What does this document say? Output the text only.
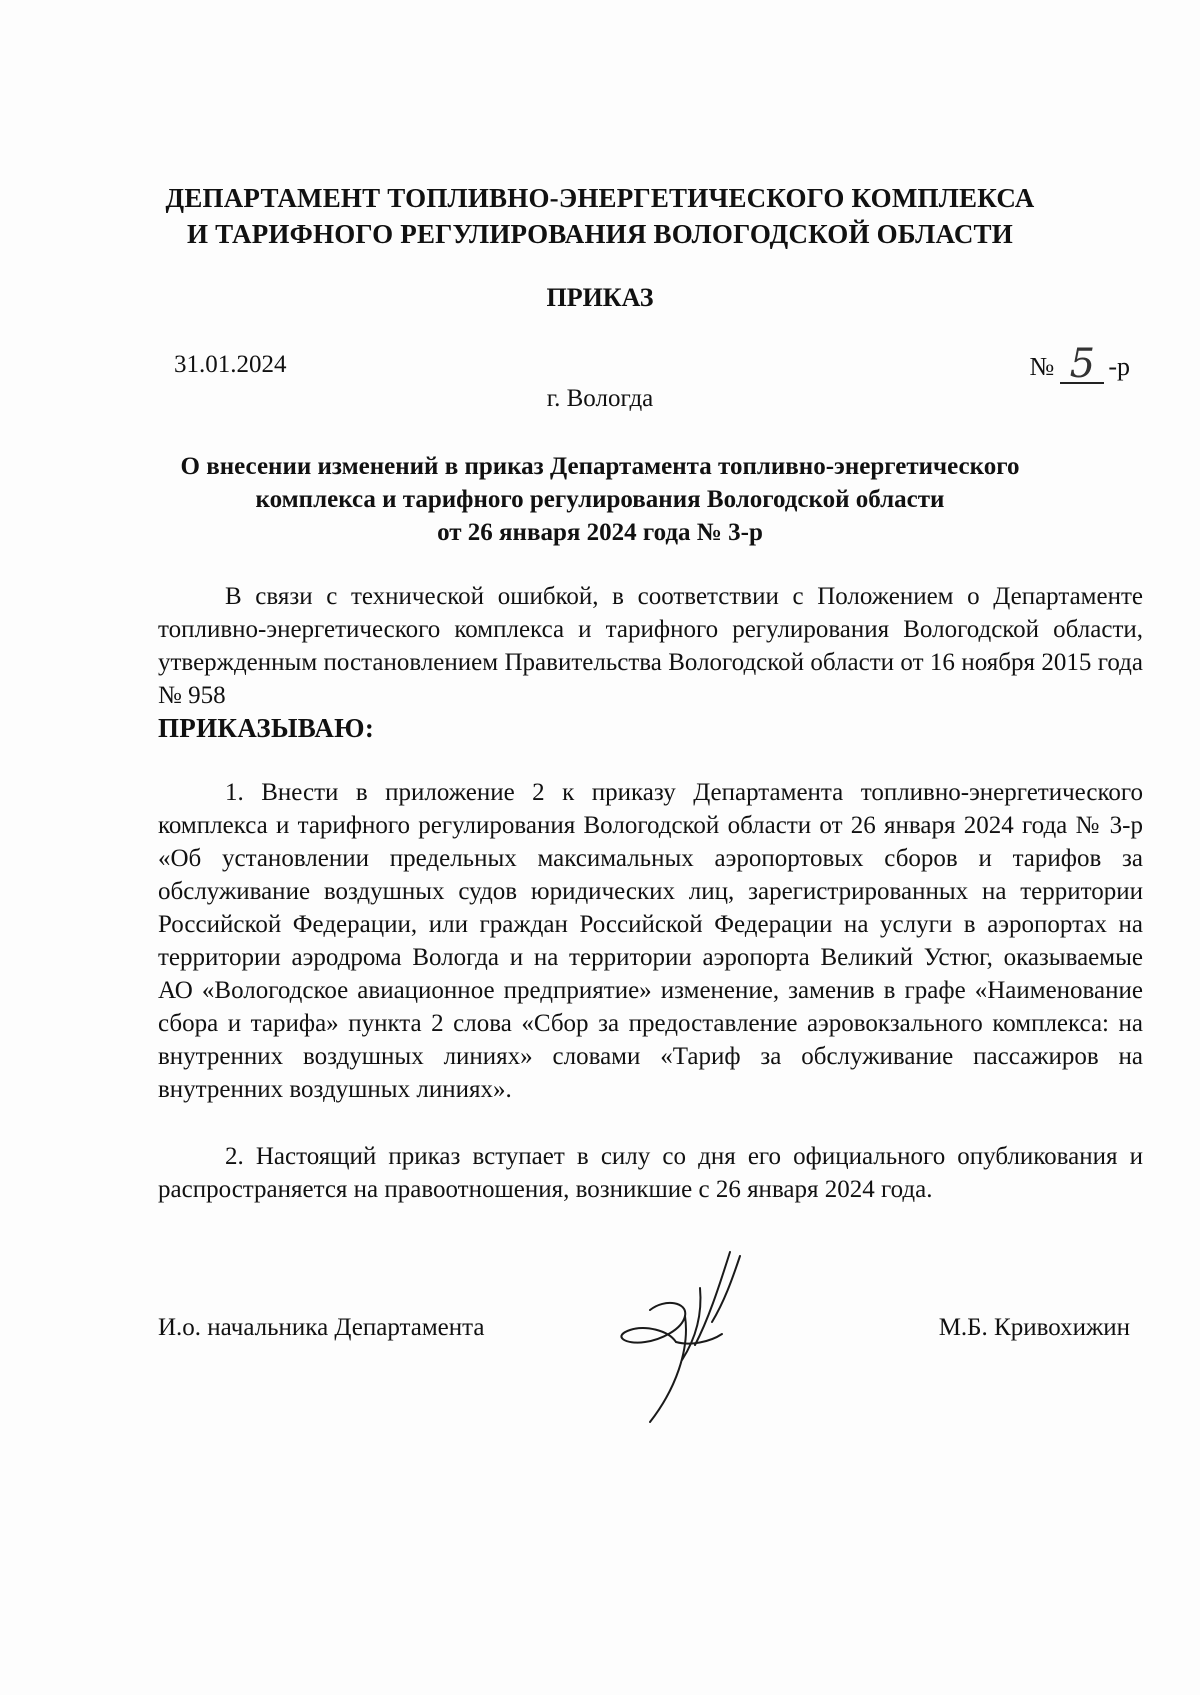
ДЕПАРТАМЕНТ ТОПЛИВНО-ЭНЕРГЕТИЧЕСКОГО КОМПЛЕКСА
И ТАРИФНОГО РЕГУЛИРОВАНИЯ ВОЛОГОДСКОЙ ОБЛАСТИ
ПРИКАЗ
31.01.2024	№ 5 -р
г. Вологда
О внесении изменений в приказ Департамента топливно-энергетического
комплекса и тарифного регулирования Вологодской области
от 26 января 2024 года № 3-р

В связи с технической ошибкой, в соответствии с Положением о Департаменте топливно-энергетического комплекса и тарифного регулирования Вологодской области, утвержденным постановлением Правительства Вологодской области от 16 ноября 2015 года № 958

ПРИКАЗЫВАЮ:

1. Внести в приложение 2 к приказу Департамента топливно-энергетического комплекса и тарифного регулирования Вологодской области от 26 января 2024 года № 3-р «Об установлении предельных максимальных аэропортовых сборов и тарифов за обслуживание воздушных судов юридических лиц, зарегистрированных на территории Российской Федерации, или граждан Российской Федерации на услуги в аэропортах на территории аэродрома Вологда и на территории аэропорта Великий Устюг, оказываемые АО «Вологодское авиационное предприятие» изменение, заменив в графе «Наименование сбора и тарифа» пункта 2 слова «Сбор за предоставление аэровокзального комплекса: на внутренних воздушных линиях» словами «Тариф за обслуживание пассажиров на внутренних воздушных линиях».

2. Настоящий приказ вступает в силу со дня его официального опубликования и распространяется на правоотношения, возникшие с 26 января 2024 года.

И.о. начальника Департамента	М.Б. Кривохижин
